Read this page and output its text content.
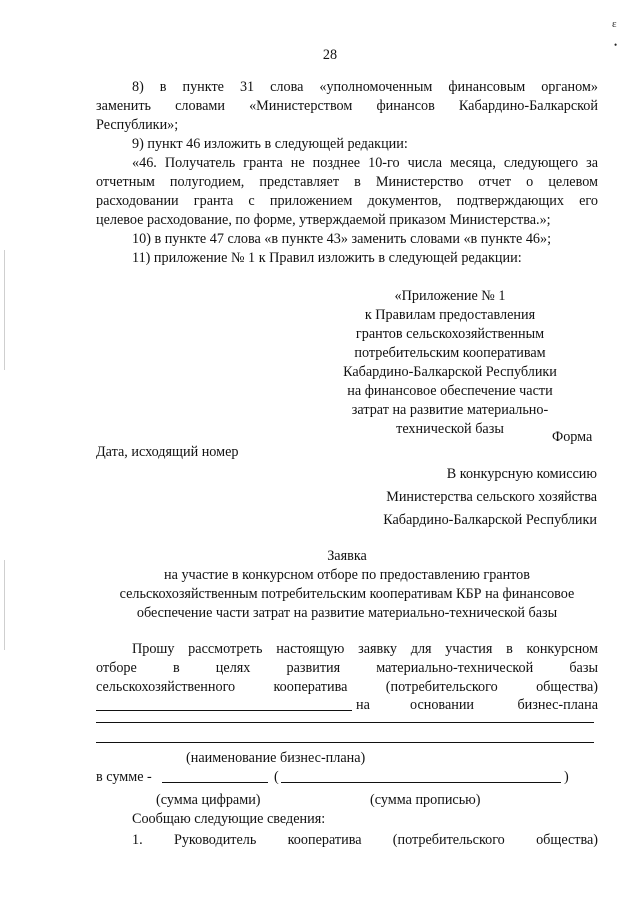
ɛ
•
28
8) в пункте 31 слова «уполномоченным финансовым органом»
заменить словами «Министерством финансов Кабардино-Балкарской
Республики»;
9) пункт 46 изложить в следующей редакции:
«46. Получатель гранта не позднее 10-го числа месяца, следующего за
отчетным полугодием, представляет в Министерство отчет о целевом
расходовании гранта с приложением документов, подтверждающих его
целевое расходование, по форме, утверждаемой приказом Министерства.»;
10) в пункте 47 слова «в пункте 43» заменить словами «в пункте 46»;
11) приложение № 1 к Правил изложить в следующей редакции:
«Приложение № 1
к Правилам предоставления
грантов сельскохозяйственным
потребительским кооперативам
Кабардино-Балкарской Республики
на финансовое обеспечение части
затрат на развитие материально-
технической базы	Форма
Дата, исходящий номер
В конкурсную комиссию
Министерства сельского хозяйства
Кабардино-Балкарской Республики
Заявка
на участие в конкурсном отборе по предоставлению грантов
сельскохозяйственным потребительским кооперативам КБР на финансовое
обеспечение части затрат на развитие материально-технической базы
Прошу рассмотреть настоящую заявку для участия в конкурсном
отборе в целях развития материально-технической базы
сельскохозяйственного кооператива (потребительского общества)
на	основании бизнес-плана
(наименование бизнес-плана)
в сумме -	(	)
(сумма цифрами)	(сумма прописью)
Сообщаю следующие сведения:
1. Руководитель кооператива (потребительского общества)
